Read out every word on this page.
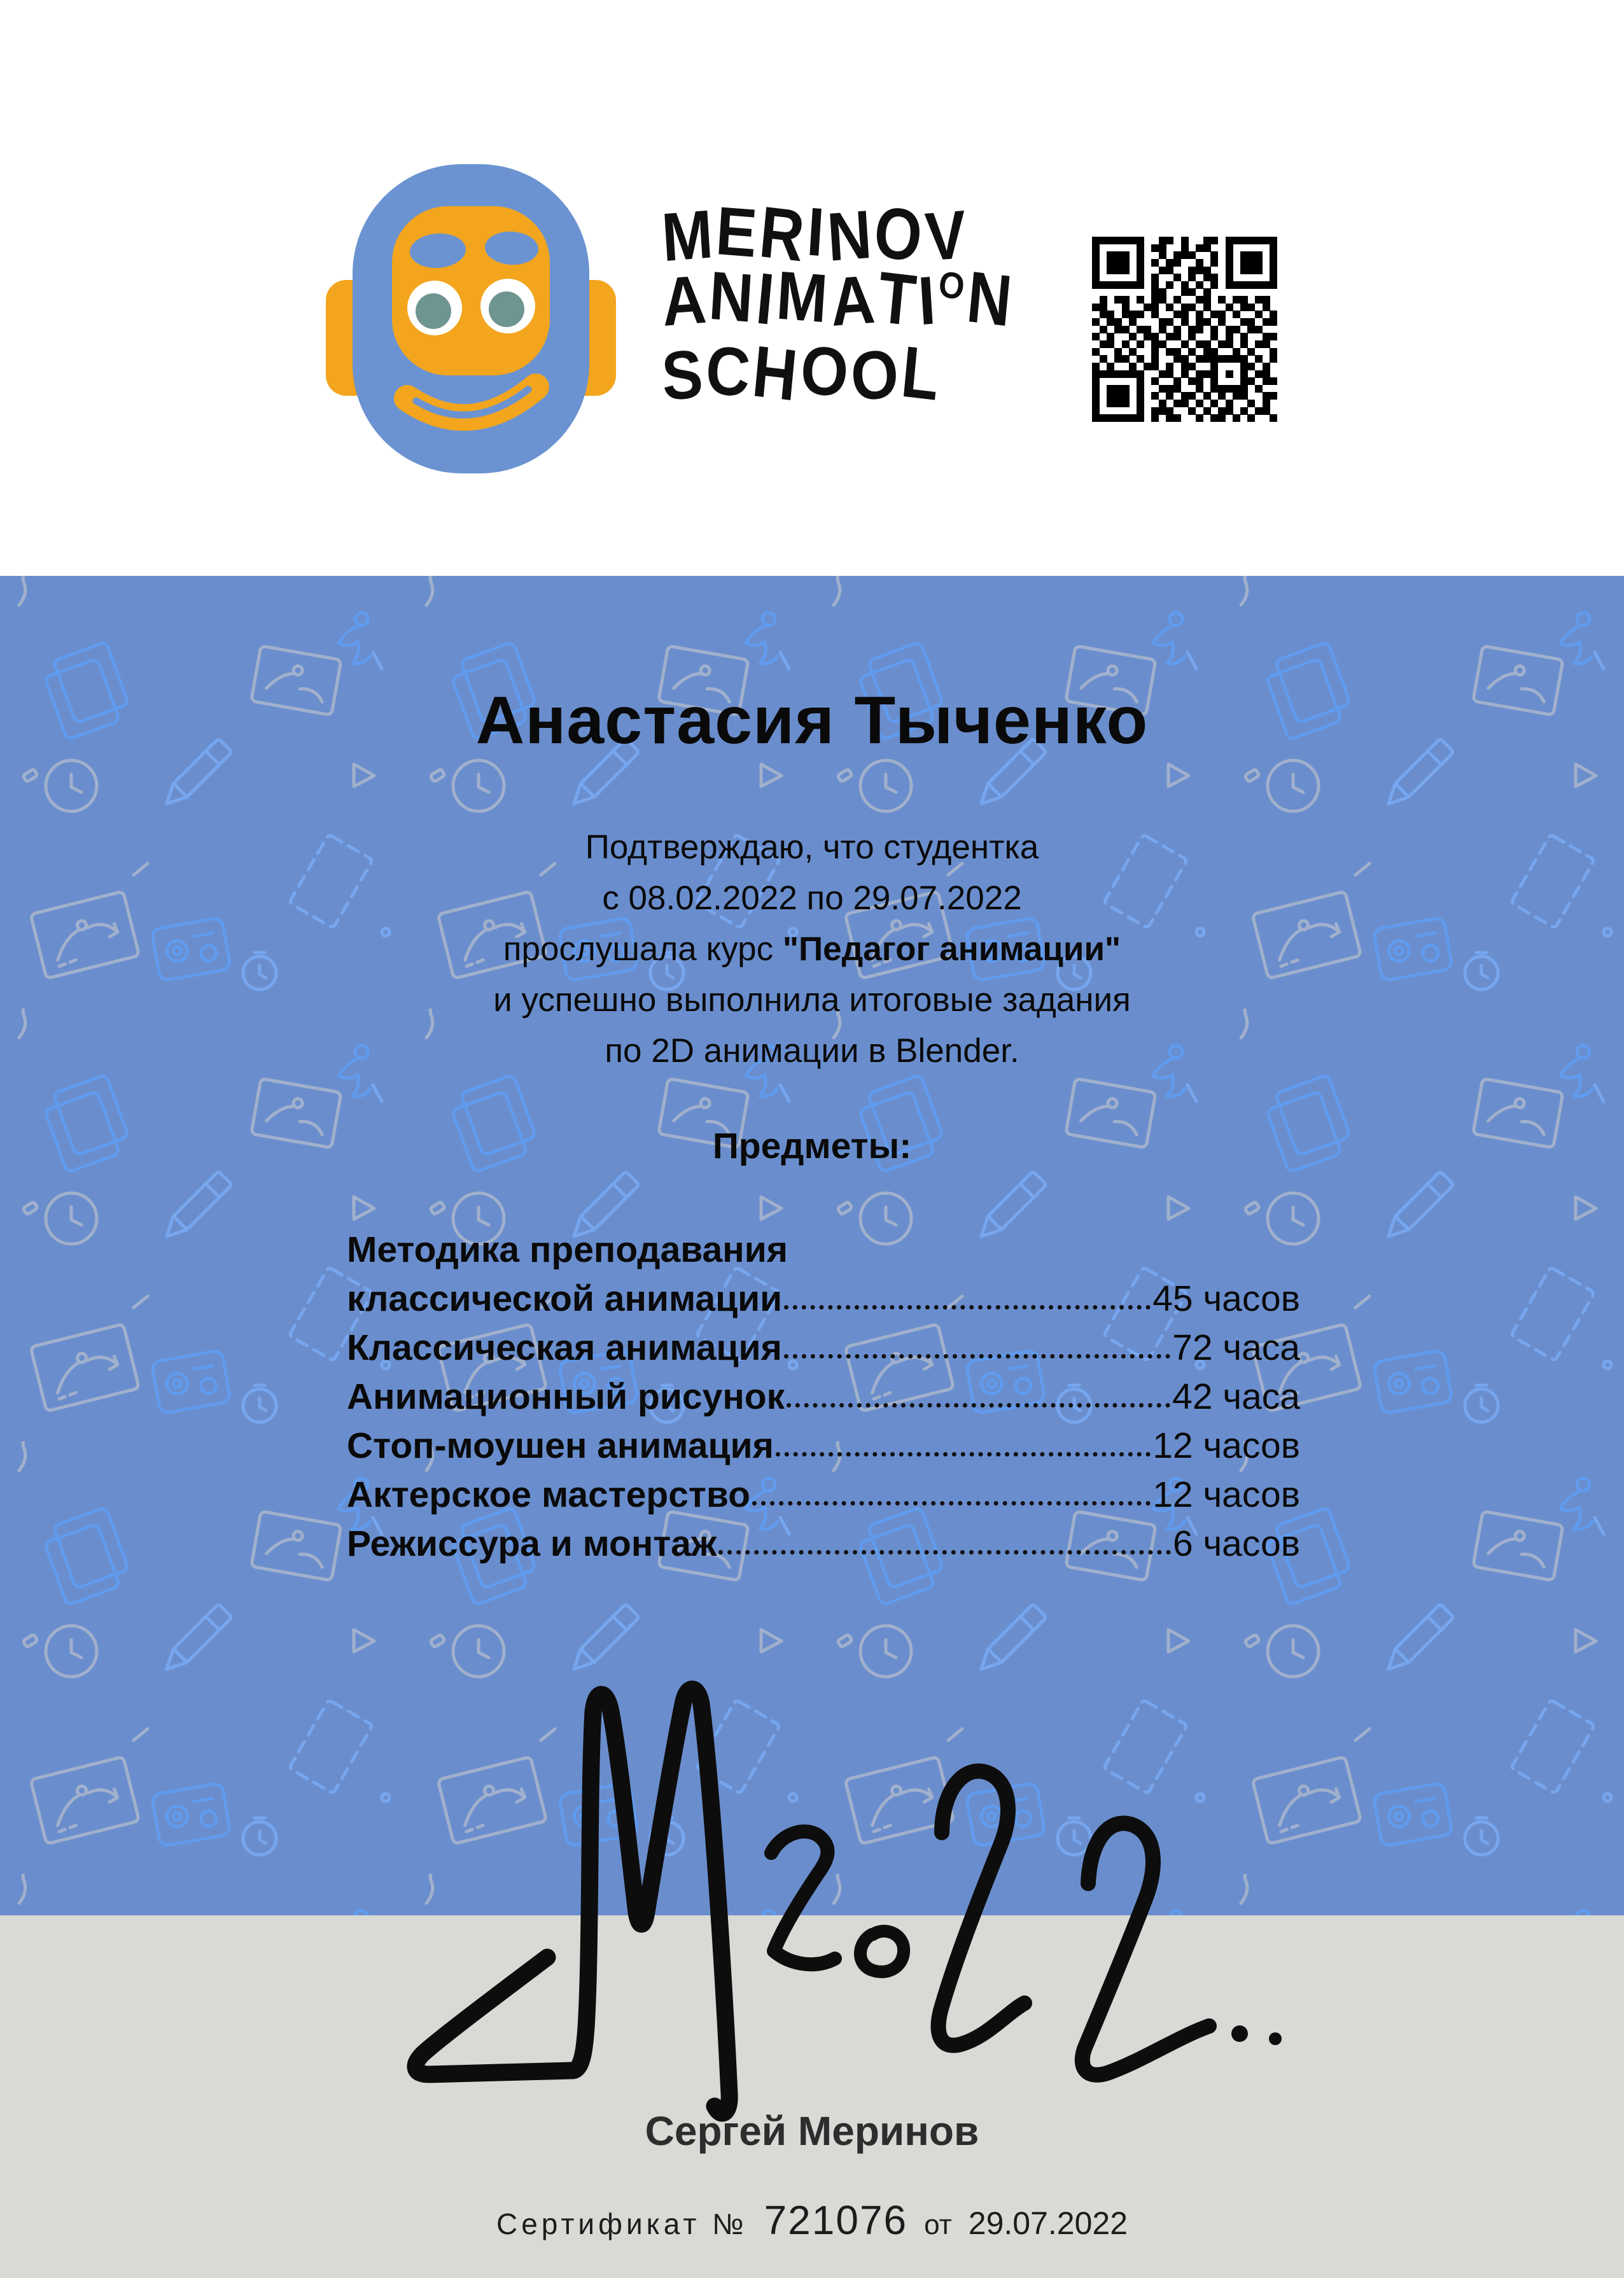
MERINOV
ANIMATION
SCHOOL
Анастасия Тыченко
Подтверждаю, что студентка
с 08.02.2022 по 29.07.2022
прослушала курс "Педагог анимации"
и успешно выполнила итоговые задания
по 2D анимации в Blender.
Предметы:
Методика преподавания
классической анимации	45 часов
Классическая анимация	72 часа
Анимационный рисунок	42 часа
Стоп-моушен анимация	12 часов
Актерское мастерство	12 часов
Режиссура и монтаж	6 часов
Сергей Меринов
Сертификат № 721076 от 29.07.2022
